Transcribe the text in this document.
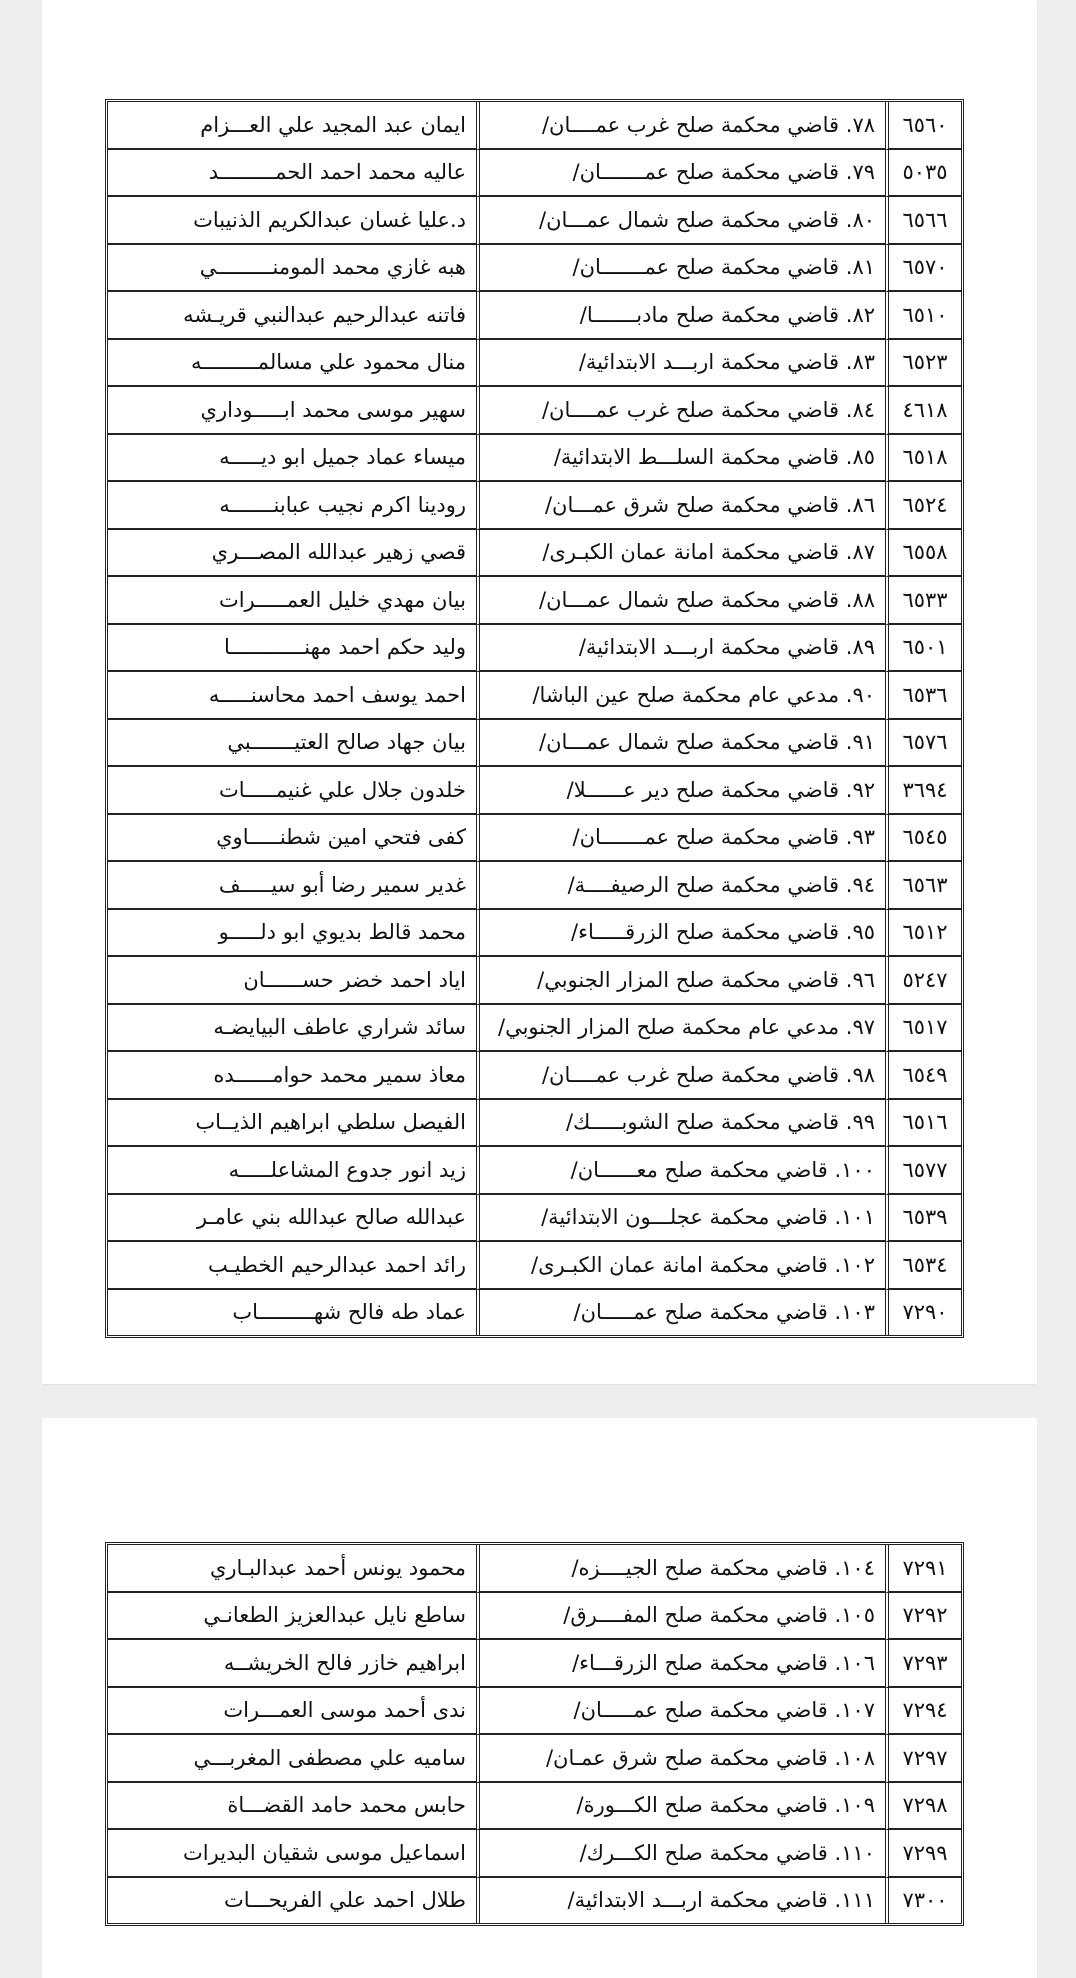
٦٥٦٠	٧٨. قاضي محكمة صلح غرب عمــــان/	ايمان عبد المجيد علي العـــزام
٥٠٣٥	٧٩. قاضي محكمة صلح عمـــــــان/	عاليه محمد احمد الحمـــــــــد
٦٥٦٦	٨٠. قاضي محكمة صلح شمال عمـــان/	د.عليا غسان عبدالكريم الذنيبات
٦٥٧٠	٨١. قاضي محكمة صلح عمـــــــان/	هبه غازي محمد المومنـــــــــي
٦٥١٠	٨٢. قاضي محكمة صلح مادبـــــــا/	فاتنه عبدالرحيم عبدالنبي قريـشه
٦٥٢٣	٨٣. قاضي محكمة اربـــد الابتدائية/	منال محمود علي مسالمـــــــــه
٤٦١٨	٨٤. قاضي محكمة صلح غرب عمــــان/	سهير موسى محمد ابـــــوداري
٦٥١٨	٨٥. قاضي محكمة السلـــط الابتدائية/	ميساء عماد جميل ابو ديـــــه
٦٥٢٤	٨٦. قاضي محكمة صلح شرق عمـــان/	رودينا اكرم نجيب عبابنـــــــه
٦٥٥٨	٨٧. قاضي محكمة امانة عمان الكبـرى/	قصي زهير عبدالله المصـــري
٦٥٣٣	٨٨. قاضي محكمة صلح شمال عمـــان/	بيان مهدي خليل العمـــــرات
٦٥٠١	٨٩. قاضي محكمة اربـــد الابتدائية/	وليد حكم احمد مهنــــــــــــا
٦٥٣٦	٩٠. مدعي عام محكمة صلح عين الباشا/	احمد يوسف احمد محاسنـــــه
٦٥٧٦	٩١. قاضي محكمة صلح شمال عمـــان/	بيان جهاد صالح العتيـــــــبي
٣٦٩٤	٩٢. قاضي محكمة صلح دير عــــــلا/	خلدون جلال علي غنيمـــــات
٦٥٤٥	٩٣. قاضي محكمة صلح عمـــــــان/	كفى فتحي امين شطنـــــاوي
٦٥٦٣	٩٤. قاضي محكمة صلح الرصيفــــة/	غدير سمير رضا أبو سيـــــف
٦٥١٢	٩٥. قاضي محكمة صلح الزرقـــــاء/	محمد قالط بديوي ابو دلـــــو
٥٢٤٧	٩٦. قاضي محكمة صلح المزار الجنوبي/	اياد احمد خضر حســــــان
٦٥١٧	٩٧. مدعي عام محكمة صلح المزار الجنوبي/	سائد شراري عاطف البيايضـه
٦٥٤٩	٩٨. قاضي محكمة صلح غرب عمــــان/	معاذ سمير محمد حوامــــــده
٦٥١٦	٩٩. قاضي محكمة صلح الشوبـــــك/	الفيصل سلطي ابراهيم الذيــاب
٦٥٧٧	١٠٠. قاضي محكمة صلح معــــــان/	زيد انور جدوع المشاعلـــــه
٦٥٣٩	١٠١. قاضي محكمة عجلـــون الابتدائية/	عبدالله صالح عبدالله بني عامـر
٦٥٣٤	١٠٢. قاضي محكمة امانة عمان الكبـرى/	رائد احمد عبدالرحيم الخطيـب
٧٢٩٠	١٠٣. قاضي محكمة صلح عمـــــان/	عماد طه فالح شهـــــــــاب
٧٢٩١	١٠٤. قاضي محكمة صلح الجيــــزه/	محمود يونس أحمد عبدالبـاري
٧٢٩٢	١٠٥. قاضي محكمة صلح المفــــرق/	ساطع نايل عبدالعزيز الطعانـي
٧٢٩٣	١٠٦. قاضي محكمة صلح الزرقـــاء/	ابراهيم خازر فالح الخريشــه
٧٢٩٤	١٠٧. قاضي محكمة صلح عمـــــان/	ندى أحمد موسى العمـــرات
٧٢٩٧	١٠٨. قاضي محكمة صلح شرق عمـان/	ساميه علي مصطفى المغربـــي
٧٢٩٨	١٠٩. قاضي محكمة صلح الكـــورة/	حابس محمد حامد القضـــاة
٧٢٩٩	١١٠. قاضي محكمة صلح الكـــرك/	اسماعيل موسى شقيان البديرات
٧٣٠٠	١١١. قاضي محكمة اربـــد الابتدائية/	طلال احمد علي الفريحـــات
